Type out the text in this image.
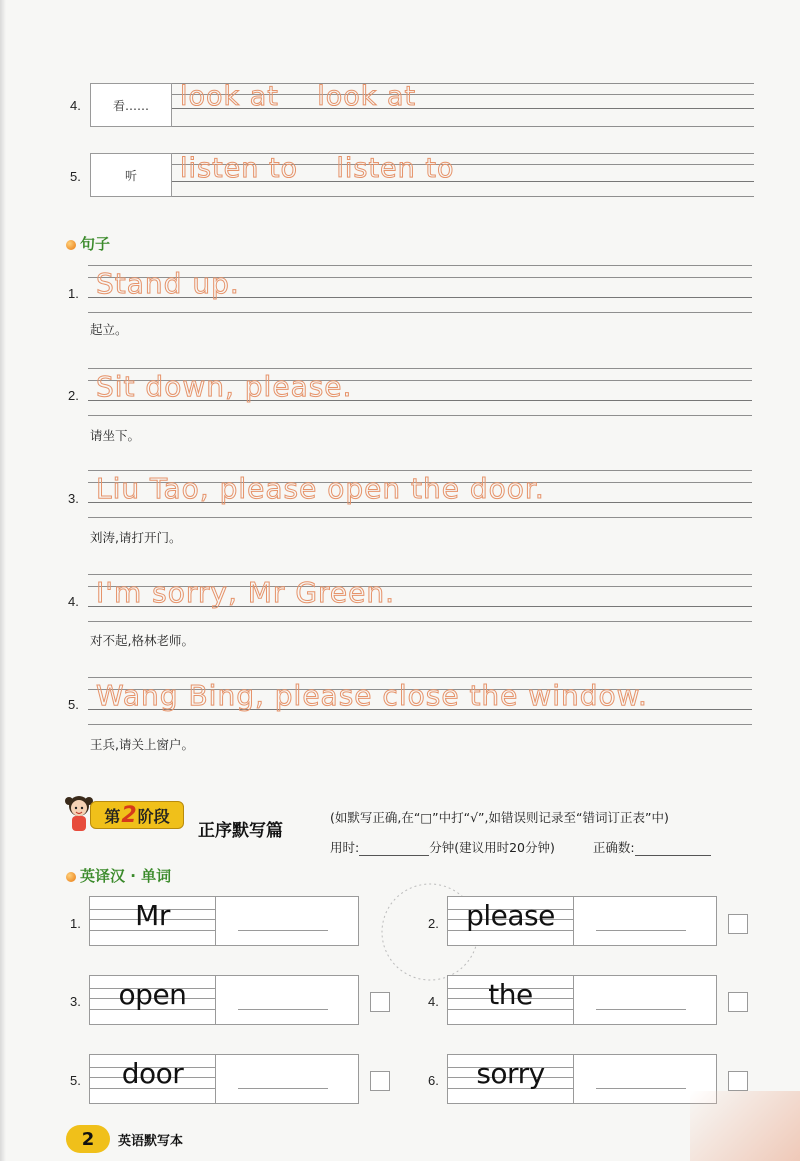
4.	看……	look at    look at
5.	听	listen to    listen to
句子
1. Stand up.
起立。
2. Sit down, please.
请坐下。
3. Liu Tao, please open the door.
刘涛,请打开门。
4. I'm sorry, Mr Green.
对不起,格林老师。
5. Wang Bing, please close the window.
王兵,请关上窗户。
第 2 阶段
正序默写篇
(如默写正确,在“□”中打“√”,如错误则记录至“错词订正表”中)
用时:	分钟(建议用时20分钟)	正确数:
英译汉 · 单词
1.	Mr	2. please
3.	open	4.	the
5.	door	6.	sorry
2	英语默写本
